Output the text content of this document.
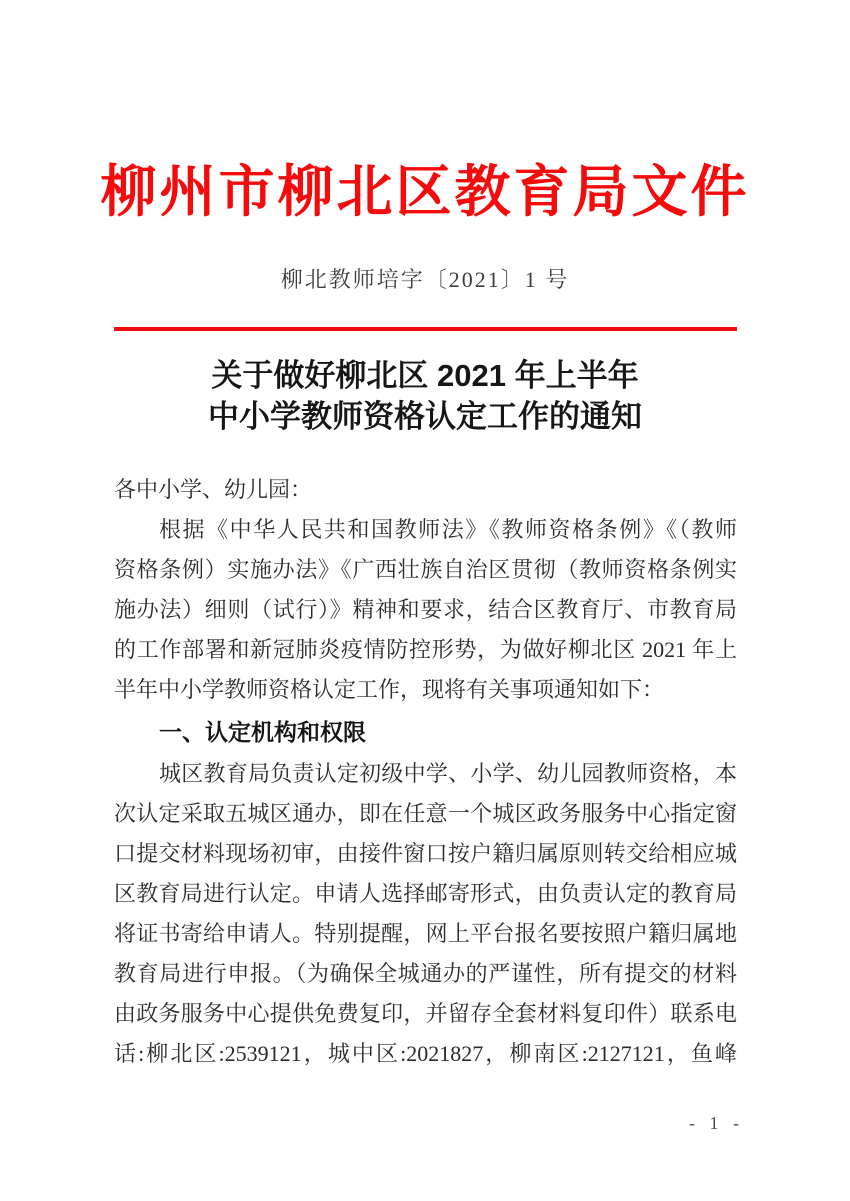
柳州市柳北区教育局文件
柳北教师培字〔2021〕1 号
关于做好柳北区 2021 年上半年
中小学教师资格认定工作的通知
各中小学、幼儿园：
根据《中华人民共和国教师法》《教师资格条例》《（教师
资格条例）实施办法》《广西壮族自治区贯彻（教师资格条例实
施办法）细则（试行）》精神和要求，结合区教育厅、市教育局
的工作部署和新冠肺炎疫情防控形势，为做好柳北区 2021 年上
半年中小学教师资格认定工作，现将有关事项通知如下：
一、认定机构和权限
城区教育局负责认定初级中学、小学、幼儿园教师资格，本
次认定采取五城区通办，即在任意一个城区政务服务中心指定窗
口提交材料现场初审，由接件窗口按户籍归属原则转交给相应城
区教育局进行认定。申请人选择邮寄形式，由负责认定的教育局
将证书寄给申请人。特别提醒，网上平台报名要按照户籍归属地
教育局进行申报。（为确保全城通办的严谨性，所有提交的材料
由政务服务中心提供免费复印，并留存全套材料复印件）联系电
话:柳北区:2539121，城中区:2021827，柳南区:2127121，鱼峰
- 1 -
